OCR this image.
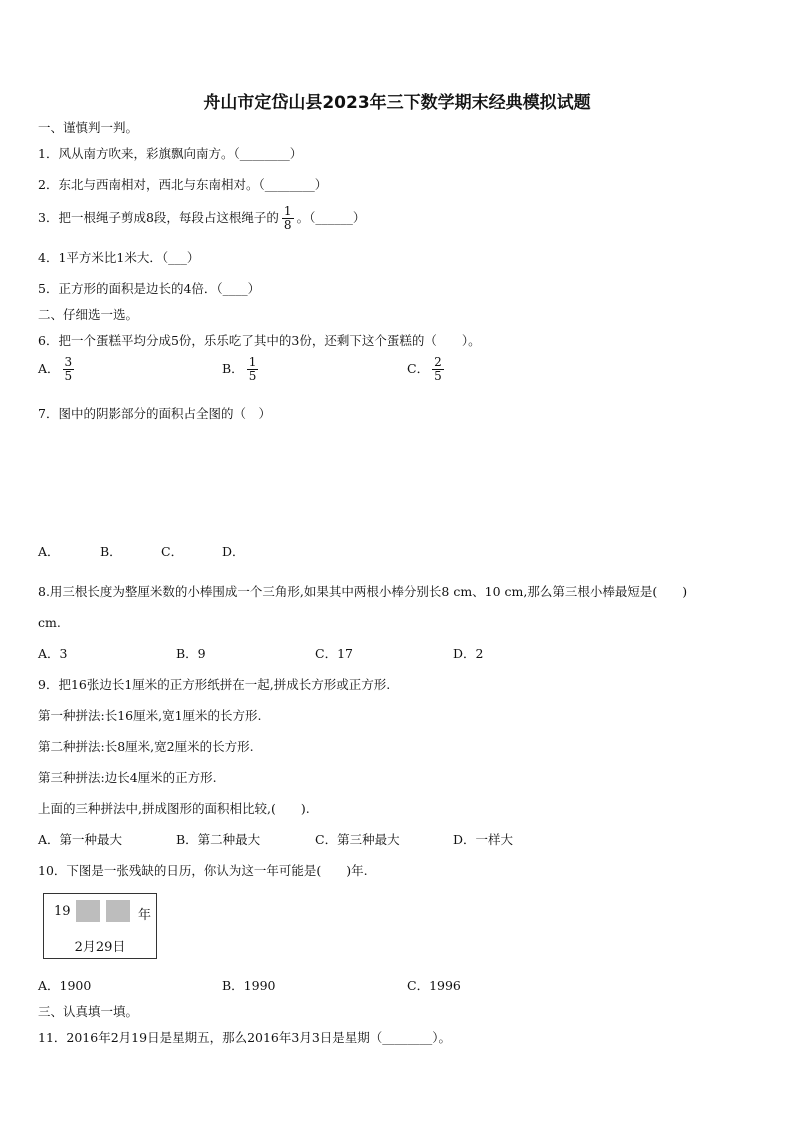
舟山市定岱山县2023年三下数学期末经典模拟试题
一、谨慎判一判。
1．风从南方吹来，彩旗飘向南方。（________）
2．东北与西南相对，西北与东南相对。（________）
3．把一根绳子剪成8段，每段占这根绳子的 $\frac{1}{8}$ 。（______）
4．1平方米比1米大．（___）
5．正方形的面积是边长的4倍．（____）
二、仔细选一选。
6．把一个蛋糕平均分成5份，乐乐吃了其中的3份，还剩下这个蛋糕的（　　）。
A． $\frac{3}{5}$	B． $\frac{1}{5}$	C． $\frac{2}{5}$
7．图中的阴影部分的面积占全图的（　）
A．	B．	C．	D．
8.用三根长度为整厘米数的小棒围成一个三角形,如果其中两根小棒分别长8 cm、10 cm,那么第三根小棒最短是(　　)
cm.
A．3	B．9	C．17	D．2
9．把16张边长1厘米的正方形纸拼在一起,拼成长方形或正方形.
第一种拼法:长16厘米,宽1厘米的长方形.
第二种拼法:长8厘米,宽2厘米的长方形.
第三种拼法:边长4厘米的正方形.
上面的三种拼法中,拼成图形的面积相比较,(　　).
A．第一种最大	B．第二种最大	C．第三种最大	D．一样大
10．下图是一张残缺的日历，你认为这一年可能是(　　)年.
19	年
2月29日
A．1900	B．1990	C．1996
三、认真填一填。
11．2016年2月19日是星期五，那么2016年3月3日是星期（________）。
